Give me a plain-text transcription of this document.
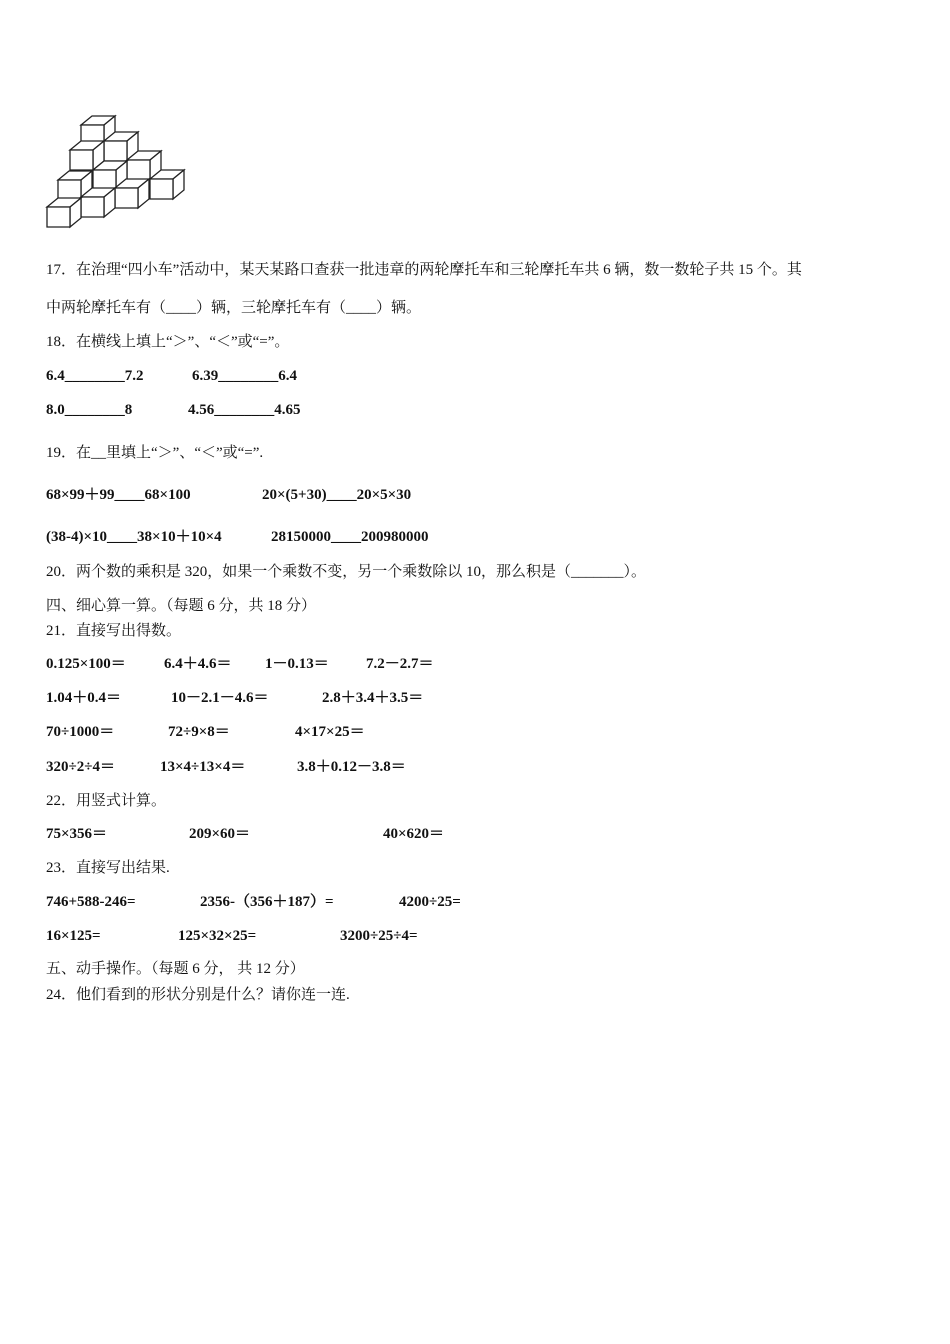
17．在治理“四小车”活动中，某天某路口查获一批违章的两轮摩托车和三轮摩托车共 6 辆，数一数轮子共 15 个。其
中两轮摩托车有（____）辆，三轮摩托车有（____）辆。
18．在横线上填上“＞”、“＜”或“=”。
6.4________7.2	6.39________6.4
8.0________8	4.56________4.65
19．在__里填上“＞”、“＜”或“=”.
68×99＋99____68×100	20×(5+30)____20×5×30
(38-4)×10____38×10＋10×4	28150000____200980000
20．两个数的乘积是 320，如果一个乘数不变，另一个乘数除以 10，那么积是（_______）。
四、细心算一算。（每题 6 分，共 18 分）
21．直接写出得数。
0.125×100＝	6.4＋4.6＝ 1－0.13＝ 7.2－2.7＝
1.04＋0.4＝	10－2.1－4.6＝	2.8＋3.4＋3.5＝
70÷1000＝	72÷9×8＝	4×17×25＝
320÷2÷4＝	13×4÷13×4＝	3.8＋0.12－3.8＝
22．用竖式计算。
75×356＝	209×60＝	40×620＝
23．直接写出结果.
746+588-246=	2356-（356＋187）=	4200÷25=
16×125=	125×32×25=	3200÷25÷4=
五、动手操作。（每题 6 分， 共 12 分）
24．他们看到的形状分别是什么？请你连一连.
